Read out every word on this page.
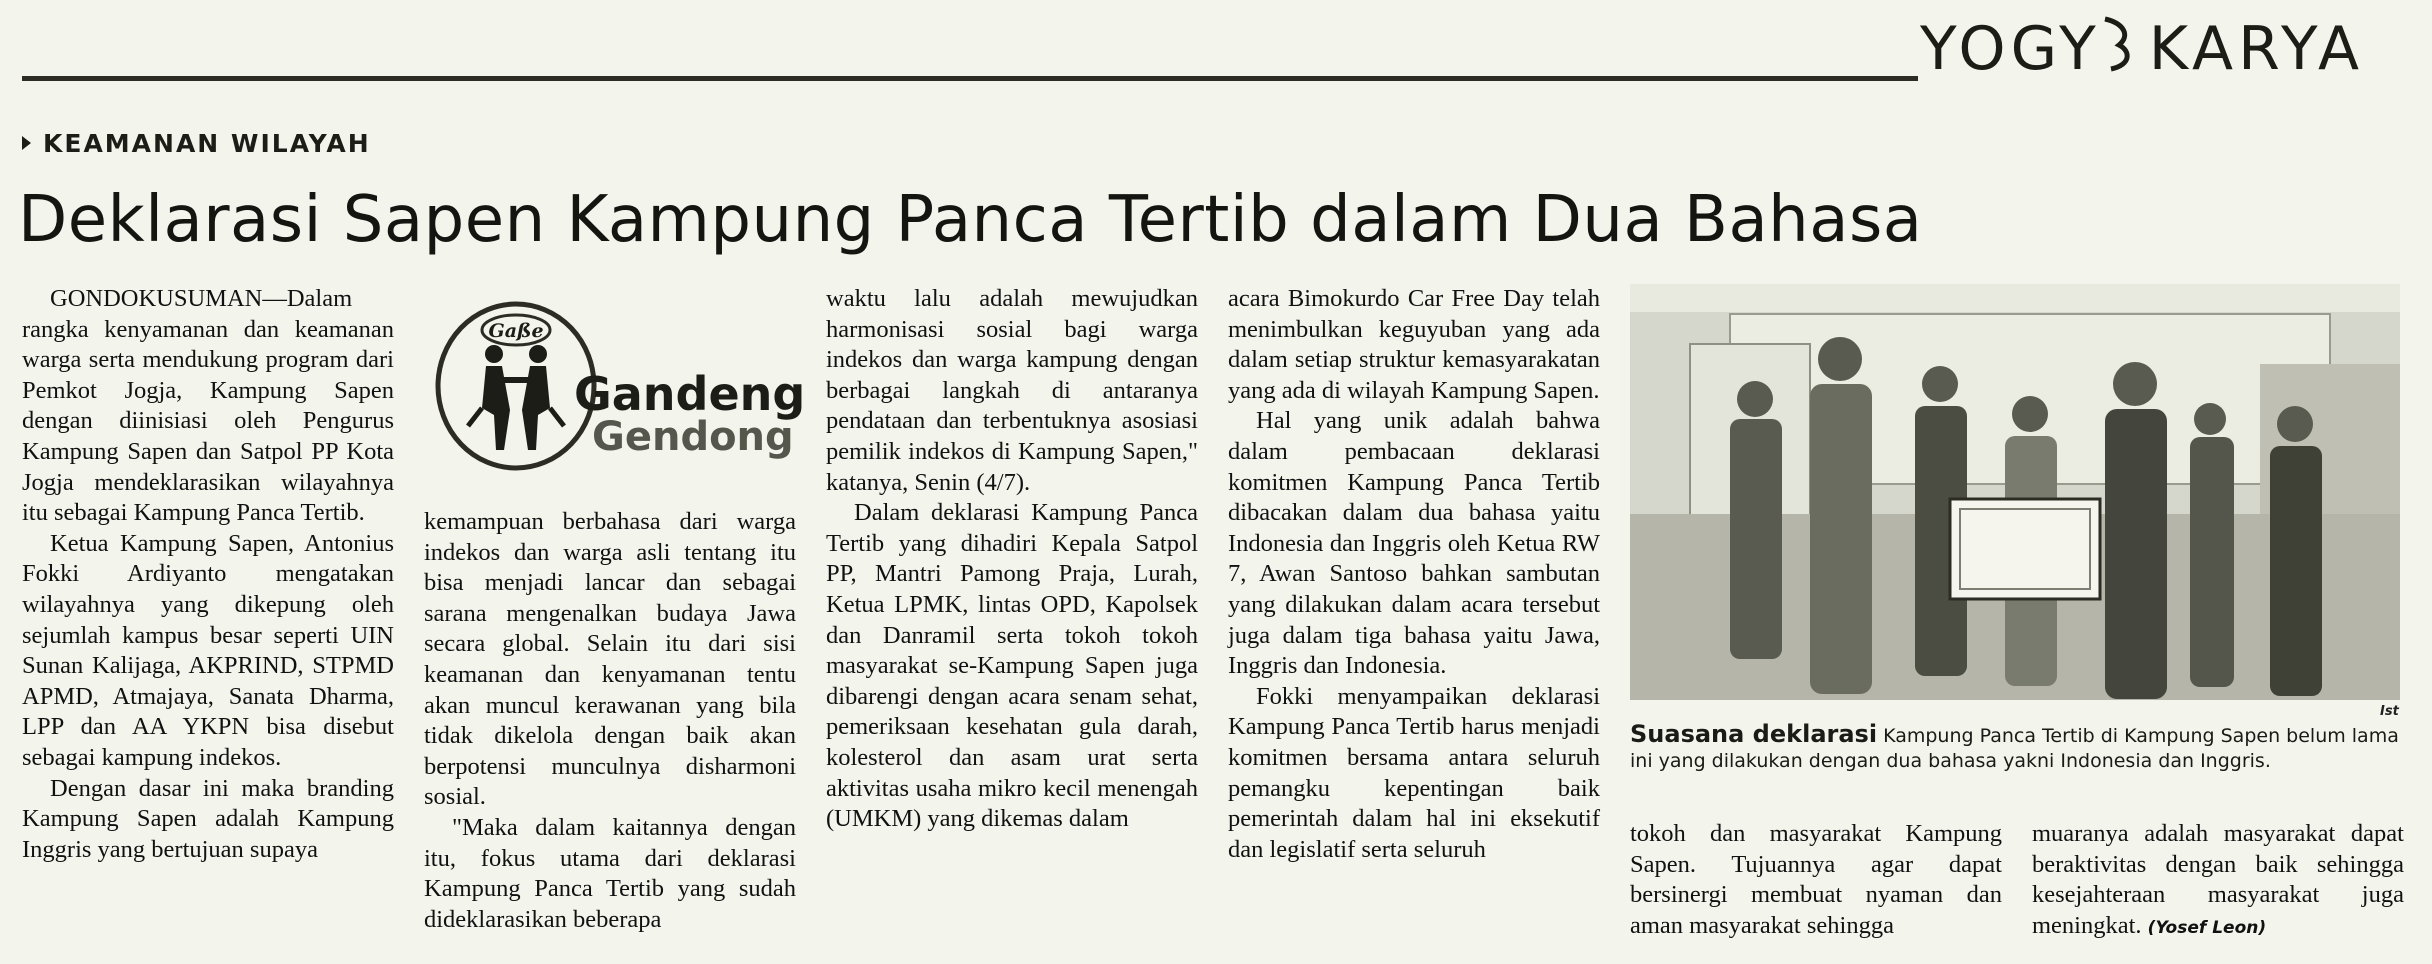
YOGY KARYA
KEAMANAN WILAYAH
Deklarasi Sapen Kampung Panca Tertib dalam Dua Bahasa

GONDOKUSUMAN—Dalam rangka kenyamanan dan keamanan warga serta mendukung program dari Pemkot Jogja, Kampung Sapen dengan diinisiasi oleh Pengurus Kampung Sapen dan Satpol PP Kota Jogja mendeklarasikan wilayahnya itu sebagai Kampung Panca Tertib.

Ketua Kampung Sapen, Antonius Fokki Ardiyanto mengatakan wilayahnya yang dikepung oleh sejumlah kampus besar seperti UIN Sunan Kalijaga, AKPRIND, STPMD APMD, Atmajaya, Sanata Dharma, LPP dan AA YKPN bisa disebut sebagai kampung indekos.

Dengan dasar ini maka branding Kampung Sapen adalah Kampung Inggris yang bertujuan supaya

Gaße
Gandeng
Gendong

kemampuan berbahasa dari warga indekos dan warga asli tentang itu bisa menjadi lancar dan sebagai sarana mengenalkan budaya Jawa secara global. Selain itu dari sisi keamanan dan kenyamanan tentu akan muncul kerawanan yang bila tidak dikelola dengan baik akan berpotensi munculnya disharmoni sosial.

"Maka dalam kaitannya dengan itu, fokus utama dari deklarasi Kampung Panca Tertib yang sudah dideklarasikan beberapa

waktu lalu adalah mewujudkan harmonisasi sosial bagi warga indekos dan warga kampung dengan berbagai langkah di antaranya pendataan dan terbentuknya asosiasi pemilik indekos di Kampung Sapen," katanya, Senin (4/7).

Dalam deklarasi Kampung Panca Tertib yang dihadiri Kepala Satpol PP, Mantri Pamong Praja, Lurah, Ketua LPMK, lintas OPD, Kapolsek dan Danramil serta tokoh tokoh masyarakat se-Kampung Sapen juga dibarengi dengan acara senam sehat, pemeriksaan kesehatan gula darah, kolesterol dan asam urat serta aktivitas usaha mikro kecil menengah (UMKM) yang dikemas dalam

acara Bimokurdo Car Free Day telah menimbulkan keguyuban yang ada dalam setiap struktur kemasyarakatan yang ada di wilayah Kampung Sapen.

Hal yang unik adalah bahwa dalam pembacaan deklarasi komitmen Kampung Panca Tertib dibacakan dalam dua bahasa yaitu Indonesia dan Inggris oleh Ketua RW 7, Awan Santoso bahkan sambutan yang dilakukan dalam acara tersebut juga dalam tiga bahasa yaitu Jawa, Inggris dan Indonesia.

Fokki menyampaikan deklarasi Kampung Panca Tertib harus menjadi komitmen bersama antara seluruh pemangku kepentingan baik pemerintah dalam hal ini eksekutif dan legislatif serta seluruh

Ist
Suasana deklarasi Kampung Panca Tertib di Kampung Sapen belum lama ini yang dilakukan dengan dua bahasa yakni Indonesia dan Inggris.

tokoh dan masyarakat Kampung Sapen. Tujuannya agar dapat bersinergi membuat nyaman dan aman masyarakat sehingga

muaranya adalah masyarakat dapat beraktivitas dengan baik sehingga kesejahteraan masyarakat juga meningkat. (Yosef Leon)
